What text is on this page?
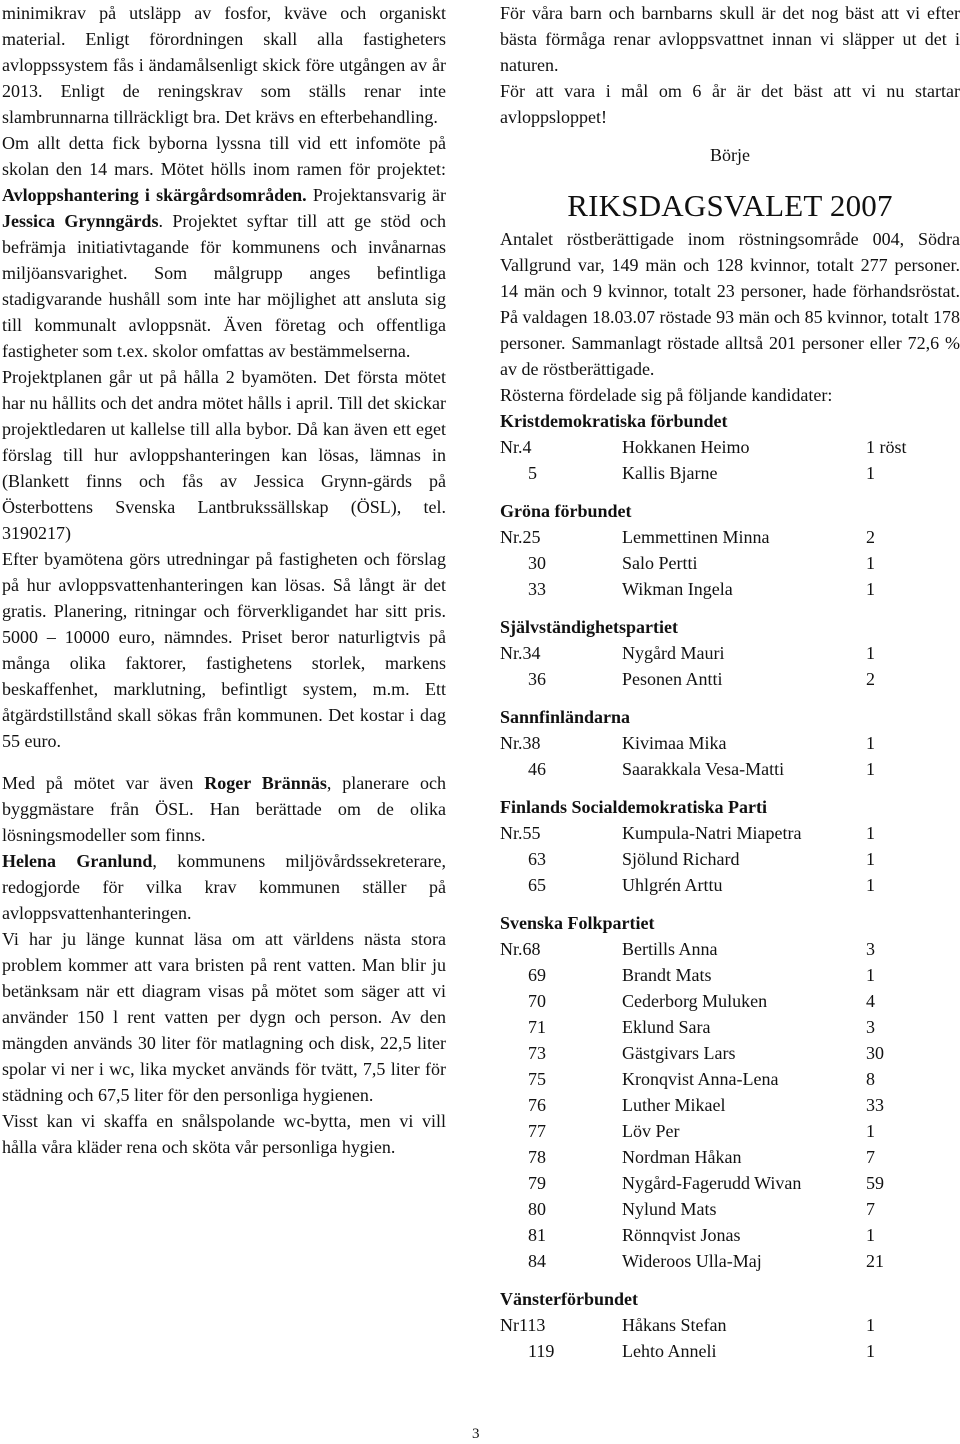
minimikrav på utsläpp av fosfor, kväve och organiskt material. Enligt förordningen skall alla fastigheters avloppssystem fås i ändamålsenligt skick före utgången av år 2013. Enligt de reningskrav som ställs renar inte slambrunnarna tillräckligt bra. Det krävs en efterbehandling.

Om allt detta fick byborna lyssna till vid ett infomöte på skolan den 14 mars. Mötet hölls inom ramen för projektet: Avloppshantering i skärgårdsområden. Projektansvarig är Jessica Grynngärds. Projektet syftar till att ge stöd och befrämja initiativtagande för kommunens och invånarnas miljöansvarighet. Som målgrupp anges befintliga stadigvarande hushåll som inte har möjlighet att ansluta sig till kommunalt avloppsnät. Även företag och offentliga fastigheter som t.ex. skolor omfattas av bestämmelserna.

Projektplanen går ut på hålla 2 byamöten. Det första mötet har nu hållits och det andra mötet hålls i april. Till det skickar projektledaren ut kallelse till alla bybor. Då kan även ett eget förslag till hur avloppshanteringen kan lösas, lämnas in (Blankett finns och fås av Jessica Grynn-gärds på Österbottens Svenska Lantbrukssällskap (ÖSL), tel. 3190217)

Efter byamötena görs utredningar på fastigheten och förslag på hur avloppsvattenhanteringen kan lösas. Så långt är det gratis. Planering, ritningar och förverkligandet har sitt pris. 5000 – 10000 euro, nämndes. Priset beror naturligtvis på många olika faktorer, fastighetens storlek, markens beskaffenhet, marklutning, befintligt system, m.m. Ett åtgärdstillstånd skall sökas från kommunen. Det kostar i dag 55 euro.

Med på mötet var även Roger Brännäs, planerare och byggmästare från ÖSL. Han berättade om de olika lösningsmodeller som finns.

Helena Granlund, kommunens miljövårdssekreterare, redogjorde för vilka krav kommunen ställer på avloppsvattenhanteringen.

Vi har ju länge kunnat läsa om att världens nästa stora problem kommer att vara bristen på rent vatten. Man blir ju betänksam när ett diagram visas på mötet som säger att vi använder 150 l rent vatten per dygn och person. Av den mängden används 30 liter för matlagning och disk, 22,5 liter spolar vi ner i wc, lika mycket används för tvätt, 7,5 liter för städning och 67,5 liter för den personliga hygienen.

Visst kan vi skaffa en snålspolande wc-bytta, men vi vill hålla våra kläder rena och sköta vår personliga hygien.

För våra barn och barnbarns skull är det nog bäst att vi efter bästa förmåga renar avloppsvattnet innan vi släpper ut det i naturen.

För att vara i mål om 6 år är det bäst att vi nu startar avloppsloppet!

Börje

RIKSDAGSVALET 2007

Antalet röstberättigade inom röstningsområde 004, Södra Vallgrund var, 149 män och 128 kvinnor, totalt 277 personer. 14 män och 9 kvinnor, totalt 23 personer, hade förhandsröstat. På valdagen 18.03.07 röstade 93 män och 85 kvinnor, totalt 178 personer. Sammanlagt röstade alltså 201 personer eller 72,6 % av de röstberättigade.

Rösterna fördelade sig på följande kandidater:

Kristdemokratiska förbundet
Nr.4	Hokkanen Heimo	1 röst
5	Kallis Bjarne	1
Gröna förbundet
Nr.25	Lemmettinen Minna	2
30	Salo Pertti	1
33	Wikman Ingela	1
Självständighetspartiet
Nr.34	Nygård Mauri	1
36	Pesonen Antti	2
Sannfinländarna
Nr.38	Kivimaa Mika	1
46	Saarakkala Vesa-Matti	1
Finlands Socialdemokratiska Parti
Nr.55	Kumpula-Natri Miapetra	1
63	Sjölund Richard	1
65	Uhlgrén Arttu	1
Svenska Folkpartiet
Nr.68	Bertills Anna	3
69	Brandt Mats	1
70	Cederborg Muluken	4
71	Eklund Sara	3
73	Gästgivars Lars	30
75	Kronqvist Anna-Lena	8
76	Luther Mikael	33
77	Löv Per	1
78	Nordman Håkan	7
79	Nygård-Fagerudd Wivan	59
80	Nylund Mats	7
81	Rönnqvist Jonas	1
84	Wideroos Ulla-Maj	21
Vänsterförbundet
Nr113	Håkans Stefan	1
119	Lehto Anneli	1
3
